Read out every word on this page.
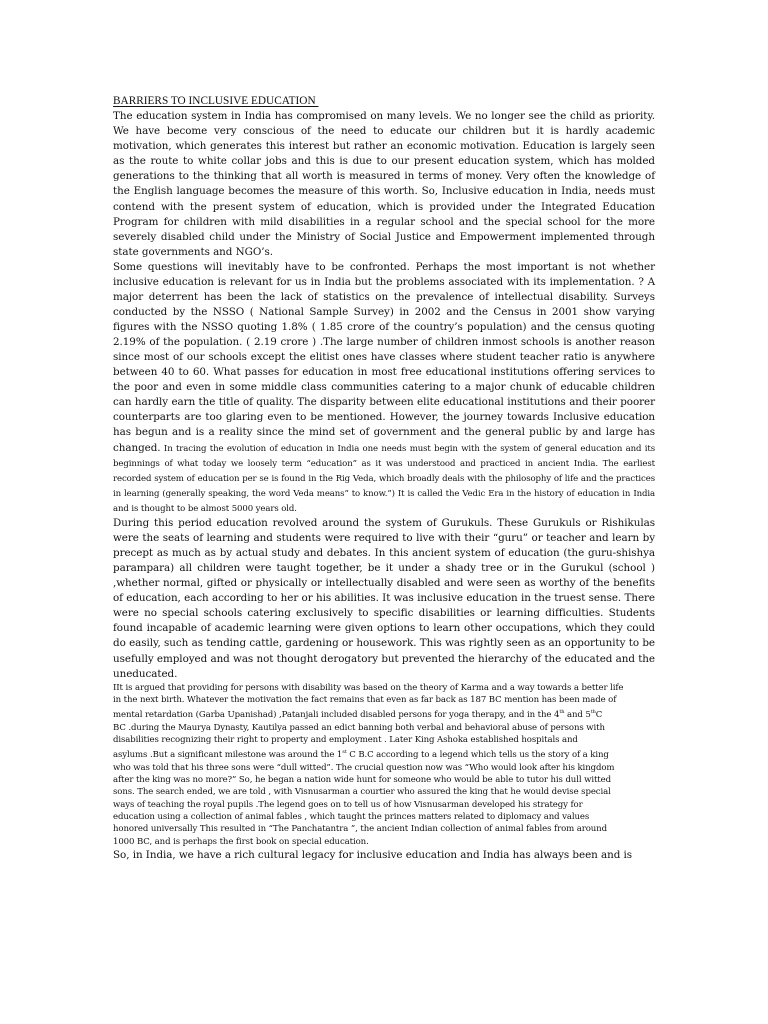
BARRIERS TO INCLUSIVE EDUCATION

The education system in India has compromised on many levels. We no longer see the child as priority. We have become very conscious of the need to educate our children but it is hardly academic motivation, which generates this interest but rather an economic motivation. Education is largely seen as the route to white collar jobs and this is due to our present education system, which has molded generations to the thinking that all worth is measured in terms of money. Very often the knowledge of the English language becomes the measure of this worth. So, Inclusive education in India, needs must contend with the present system of education, which is provided under the Integrated Education Program for children with mild disabilities in a regular school and the special school for the more severely disabled child under the Ministry of Social Justice and Empowerment implemented through state governments and NGO’s.

Some questions will inevitably have to be confronted. Perhaps the most important is not whether inclusive education is relevant for us in India but the problems associated with its implementation. ? A major deterrent has been the lack of statistics on the prevalence of intellectual disability. Surveys conducted by the NSSO ( National Sample Survey) in 2002 and the Census in 2001 show varying figures with the NSSO quoting 1.8% ( 1.85 crore of the country’s population) and the census quoting 2.19% of the population. ( 2.19 crore ) .The large number of children inmost schools is another reason since most of our schools except the elitist ones have classes where student teacher ratio is anywhere between 40 to 60. What passes for education in most free educational institutions offering services to the poor and even in some middle class communities catering to a major chunk of educable children can hardly earn the title of quality. The disparity between elite educational institutions and their poorer counterparts are too glaring even to be mentioned. However, the journey towards Inclusive education has begun and is a reality since the mind set of government and the general public by and large has changed. In tracing the evolution of education in India one needs must begin with the system of general education and its beginnings of what today we loosely term “education” as it was understood and practiced in ancient India. The earliest recorded system of education per se is found in the Rig Veda, which broadly deals with the philosophy of life and the practices in learning (generally speaking, the word Veda means” to know.”) It is called the Vedic Era in the history of education in India and is thought to be almost 5000 years old.

During this period education revolved around the system of Gurukuls. These Gurukuls or Rishikulas were the seats of learning and students were required to live with their “guru” or teacher and learn by precept as much as by actual study and debates. In this ancient system of education (the guru-shishya parampara) all children were taught together, be it under a shady tree or in the Gurukul (school ) ,whether normal, gifted or physically or intellectually disabled and were seen as worthy of the benefits of education, each according to her or his abilities. It was inclusive education in the truest sense. There were no special schools catering exclusively to specific disabilities or learning difficulties. Students found incapable of academic learning were given options to learn other occupations, which they could do easily, such as tending cattle, gardening or housework. This was rightly seen as an opportunity to be usefully employed and was not thought derogatory but prevented the hierarchy of the educated and the uneducated.

IIt is argued that providing for persons with disability was based on the theory of Karma and a way towards a better life
in the next birth. Whatever the motivation the fact remains that even as far back as 187 BC mention has been made of
mental retardation (Garba Upanishad) ,Patanjali included disabled persons for yoga therapy, and in the 4th and 5thC
BC .during the Maurya Dynasty, Kautilya passed an edict banning both verbal and behavioral abuse of persons with
disabilities recognizing their right to property and employment . Later King Ashoka established hospitals and
asylums .But a significant milestone was around the 1st C B.C according to a legend which tells us the story of a king
who was told that his three sons were “dull witted”. The crucial question now was “Who would look after his kingdom
after the king was no more?” So, he began a nation wide hunt for someone who would be able to tutor his dull witted
sons. The search ended, we are told , with Visnusarman a courtier who assured the king that he would devise special
ways of teaching the royal pupils .The legend goes on to tell us of how Visnusarman developed his strategy for
education using a collection of animal fables , which taught the princes matters related to diplomacy and values
honored universally This resulted in “The Panchatantra ”, the ancient Indian collection of animal fables from around
1000 BC, and is perhaps the first book on special education.

So, in India, we have a rich cultural legacy for inclusive education and India has always been and is
